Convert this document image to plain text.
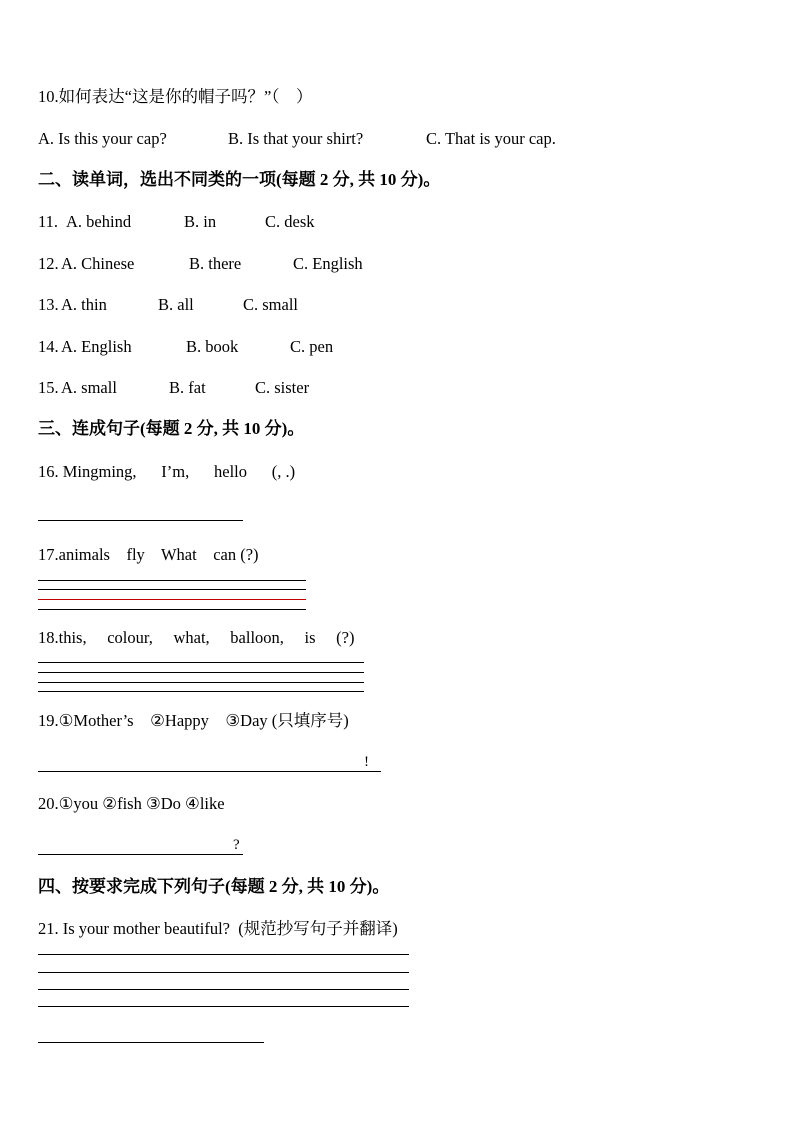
10.如何表达“这是你的帽子吗？”（　）

A. Is this your cap?

	B. Is that your shirt?

	C. That is your cap.

二、读单词，选出不同类的一项(每题 2 分, 共 10 分)。

11.

A. behind

	B. in

	C. desk

12.

A. Chinese

	B. there

	C. English

13.

A. thin

	B. all

	C. small

14.

A. English

	B. book

	C. pen

15.

A. small

	B. fat

	C. sister

三、连成句子(每题 2 分, 共 10 分)。
16. Mingming,      I’m,      hello      (, .)
17.animals    fly    What    can (?)
18.this,     colour,     what,     balloon,     is     (?)
19.①Mother’s    ②Happy    ③Day (只填序号)
!
20.①you ②fish ③Do ④like
?
四、按要求完成下列句子(每题 2 分, 共 10 分)。
21. Is your mother beautiful?  (规范抄写句子并翻译)
